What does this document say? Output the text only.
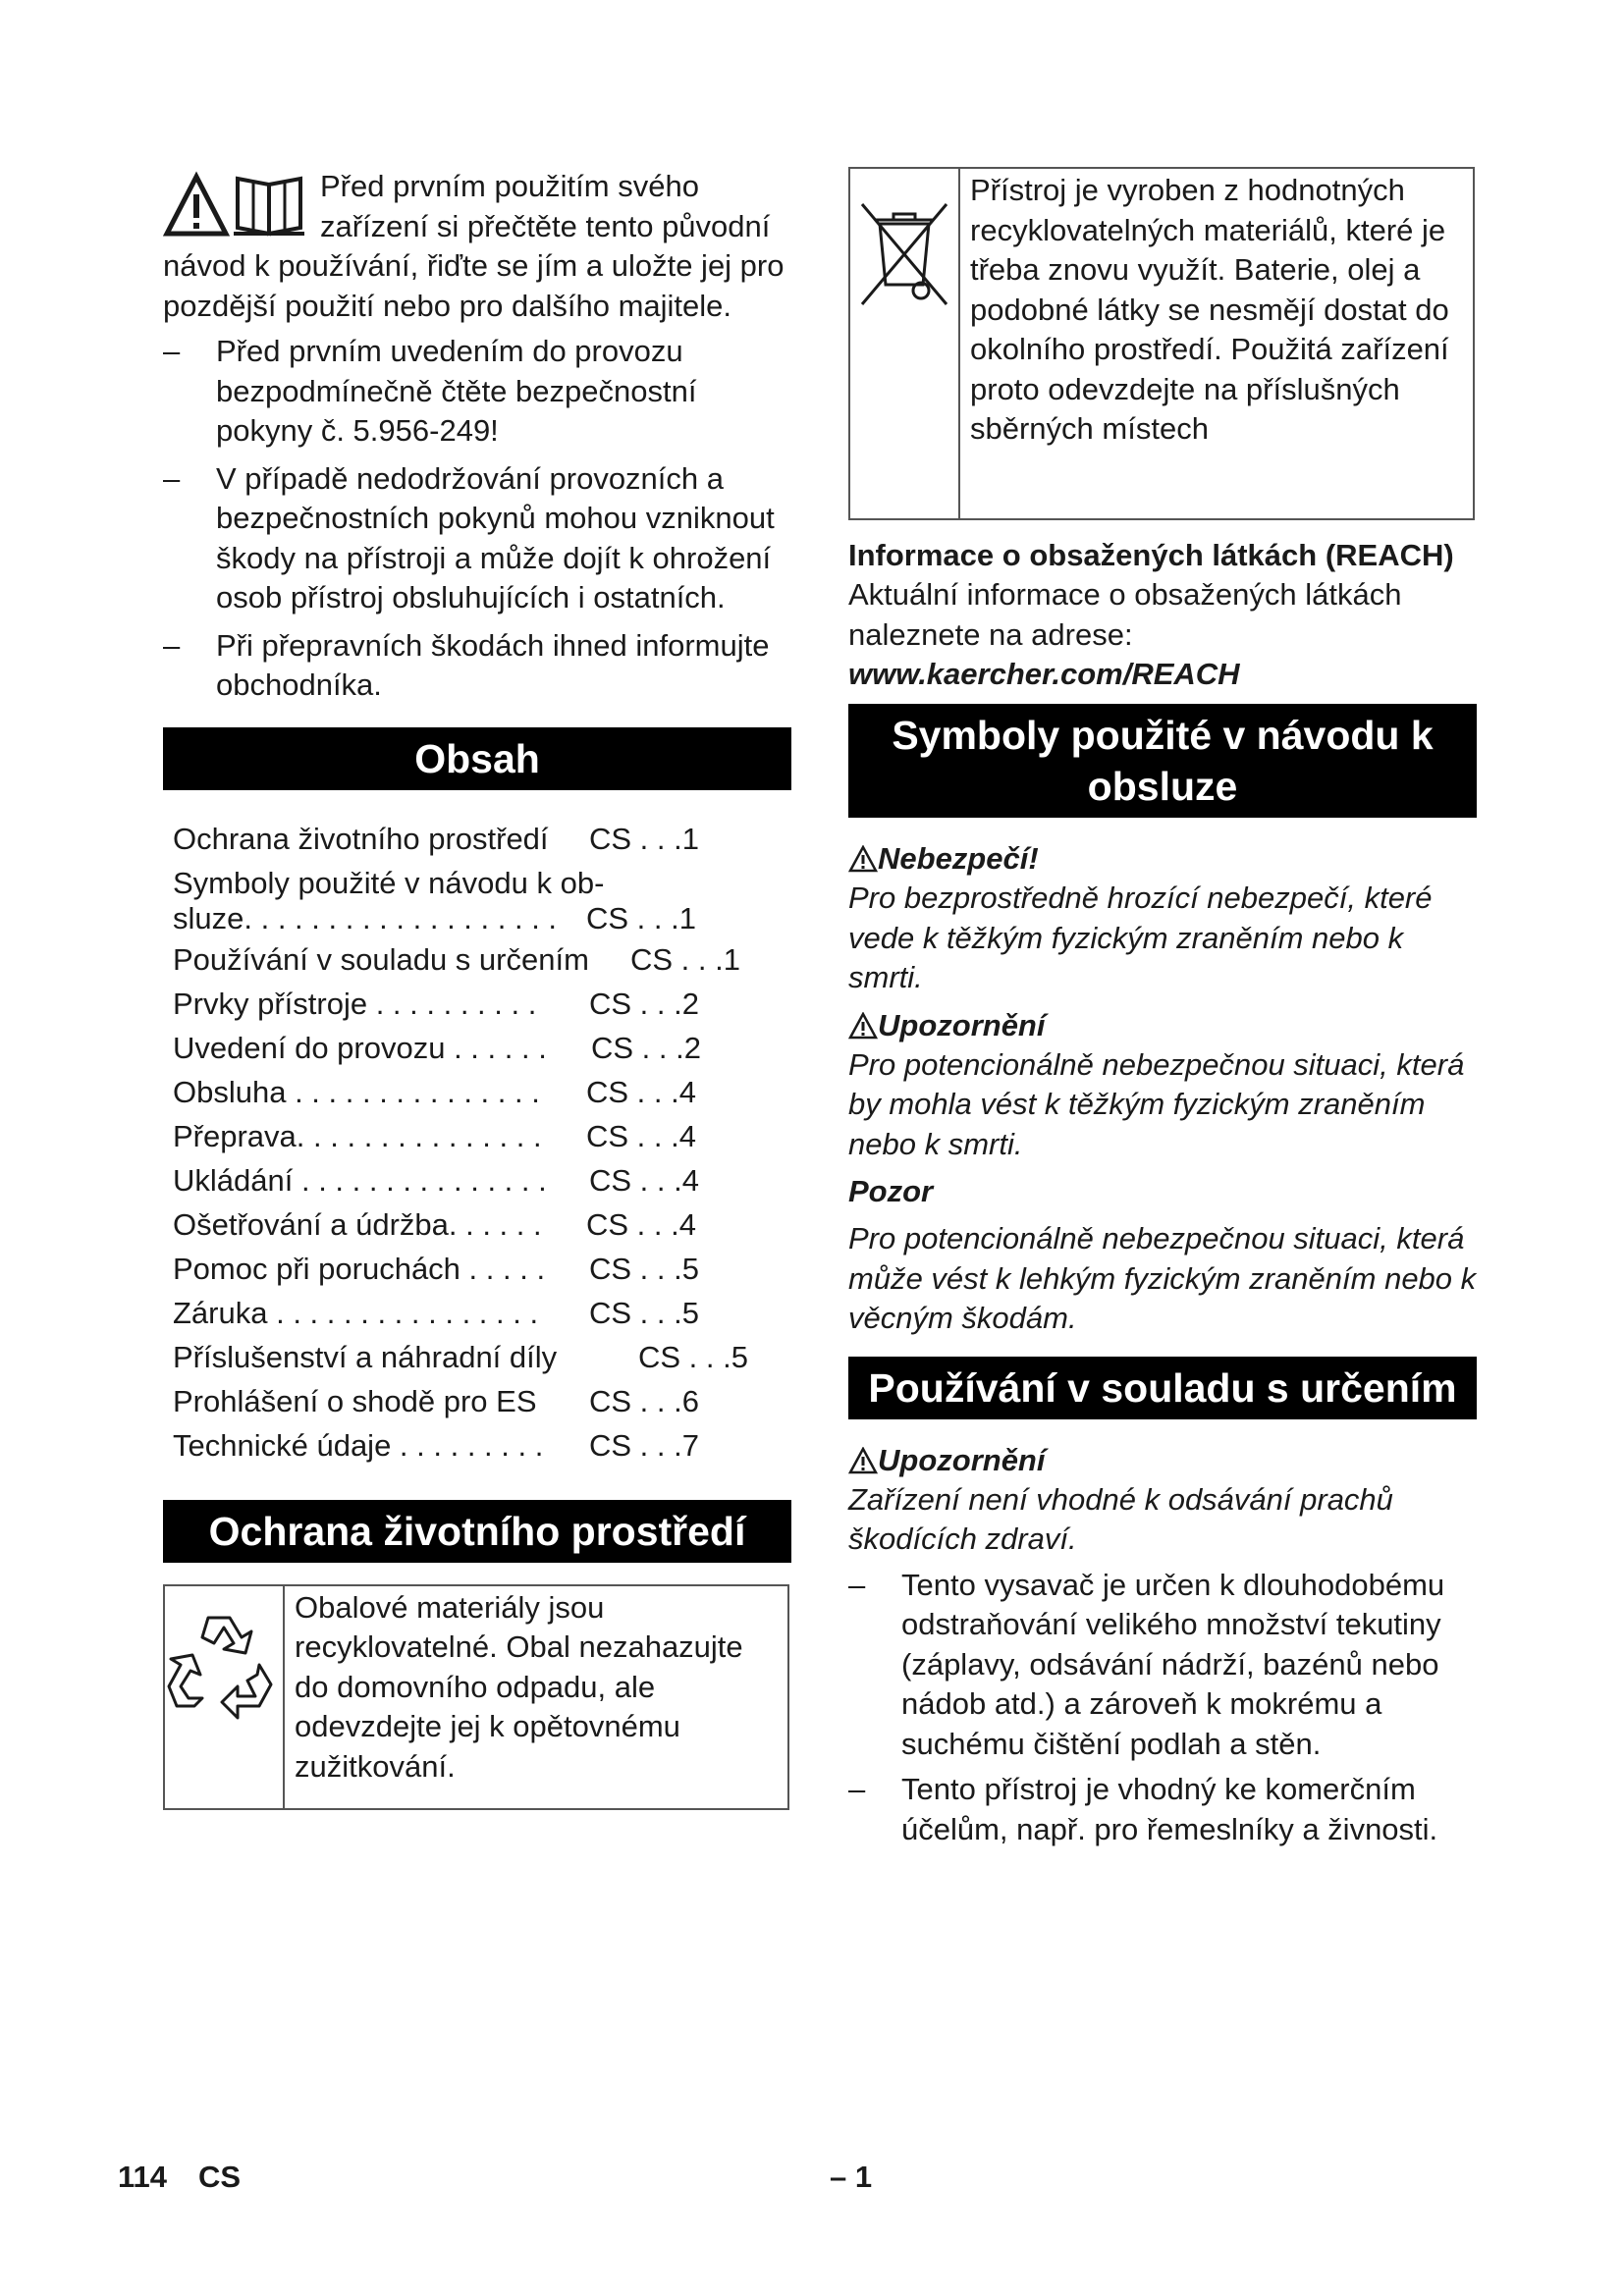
Před prvním použitím svého zařízení si přečtěte tento původní návod k používání, řiďte se jím a uložte jej pro pozdější použití nebo pro dalšího majitele.
– Před prvním uvedením do provozu bezpodmínečně čtěte bezpečnostní pokyny č. 5.956-249!
– V případě nedodržování provozních a bezpečnostních pokynů mohou vzniknout škody na přístroji a může dojít k ohrožení osob přístroj obsluhujících i ostatních.
– Při přepravních škodách ihned informujte obchodníka.
Obsah
Ochrana životního prostředí CS . . .1
Symboly použité v návodu k ob-
sluze. . . . . . . . . . . . . . . . . . . CS . . .1
Používání v souladu s určením CS . . .1
Prvky přístroje . . . . . . . . . . CS . . .2
Uvedení do provozu . . . . . . CS . . .2
Obsluha . . . . . . . . . . . . . . . CS . . .4
Přeprava. . . . . . . . . . . . . . . CS . . .4
Ukládání . . . . . . . . . . . . . . . CS . . .4
Ošetřování a údržba. . . . . . CS . . .4
Pomoc při poruchách . . . . . CS . . .5
Záruka . . . . . . . . . . . . . . . . CS . . .5
Příslušenství a náhradní díly	CS . . .5
Prohlášení o shodě pro ES CS . . .6
Technické údaje . . . . . . . . . CS . . .7
Ochrana životního prostředí
Obalové materiály jsou recyklovatelné. Obal nezahazujte do domovního odpadu, ale odevzdejte jej k opětovnému zužitkování.
Přístroj je vyroben z hodnotných recyklovatelných materiálů, které je třeba znovu využít. Baterie, olej a podobné látky se nesmějí dostat do okolního prostředí. Použitá zařízení proto odevzdejte na příslušných sběrných místech
Informace o obsažených látkách (REACH)

Aktuální informace o obsažených látkách naleznete na adrese:

www.kaercher.com/REACH
Symboly použité v návodu k obsluze
Nebezpečí!

Pro bezprostředně hrozící nebezpečí, které vede k těžkým fyzickým zraněním nebo k smrti.

Upozornění

Pro potencionálně nebezpečnou situaci, která by mohla vést k těžkým fyzickým zraněním nebo k smrti.

Pozor

Pro potencionálně nebezpečnou situaci, která může vést k lehkým fyzickým zraněním nebo k věcným škodám.

Používání v souladu s určením
Upozornění

Zařízení není vhodné k odsávání prachů škodících zdraví.

– Tento vysavač je určen k dlouhodobému odstraňování velikého množství tekutiny (záplavy, odsávání nádrží, bazénů nebo nádob atd.) a zároveň k mokrému a suchému čištění podlah a stěn.
– Tento přístroj je vhodný ke komerčním účelům, např. pro řemeslníky a živnosti.
114 CS	– 1
